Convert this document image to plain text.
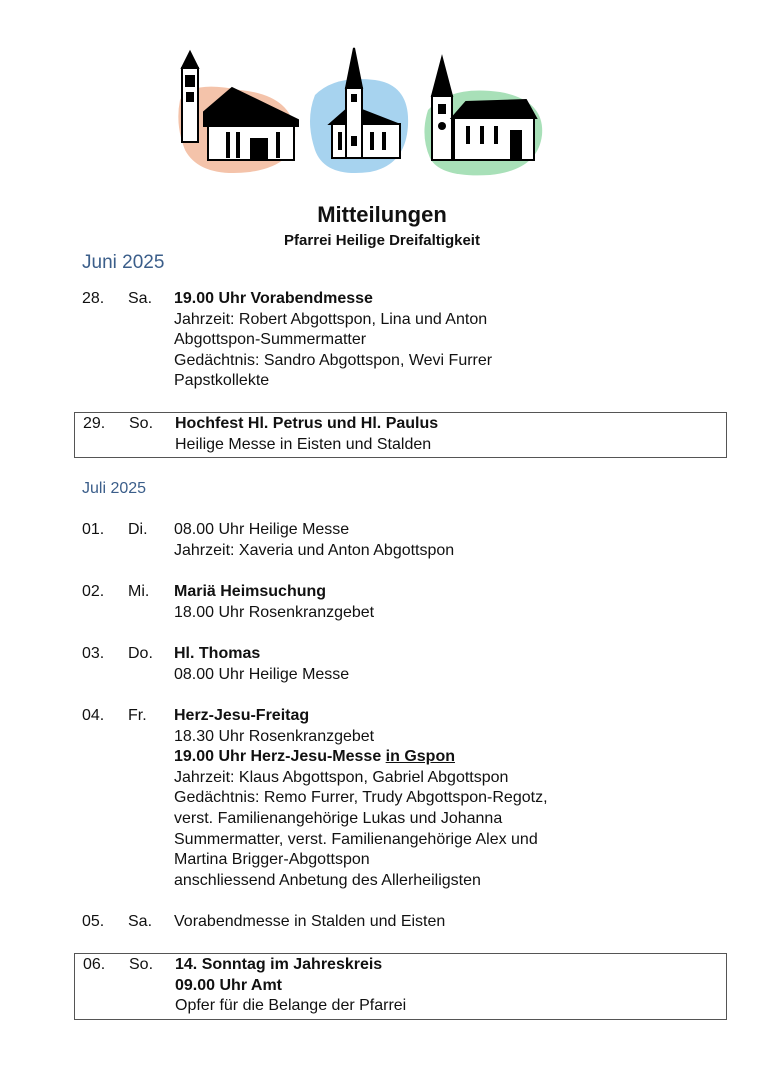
Mitteilungen
Pfarrei Heilige Dreifaltigkeit
Juni 2025
Juli 2025
28. Sa. 19.00 Uhr Vorabendmesse
Jahrzeit: Robert Abgottspon, Lina und Anton
Abgottspon-Summermatter
Gedächtnis: Sandro Abgottspon, Wevi Furrer
Papstkollekte
29. So. Hochfest Hl. Petrus und Hl. Paulus
Heilige Messe in Eisten und Stalden
01. Di. 08.00 Uhr Heilige Messe
Jahrzeit: Xaveria und Anton Abgottspon
02. Mi. Mariä Heimsuchung
18.00 Uhr Rosenkranzgebet
03. Do. Hl. Thomas
08.00 Uhr Heilige Messe
04. Fr. Herz-Jesu-Freitag
18.30 Uhr Rosenkranzgebet
19.00 Uhr Herz-Jesu-Messe in Gspon
Jahrzeit: Klaus Abgottspon, Gabriel Abgottspon
Gedächtnis: Remo Furrer, Trudy Abgottspon-Regotz,
verst. Familienangehörige Lukas und Johanna
Summermatter, verst. Familienangehörige Alex und
Martina Brigger-Abgottspon
anschliessend Anbetung des Allerheiligsten
05. Sa. Vorabendmesse in Stalden und Eisten
06. So. 14. Sonntag im Jahreskreis
09.00 Uhr Amt
Opfer für die Belange der Pfarrei
